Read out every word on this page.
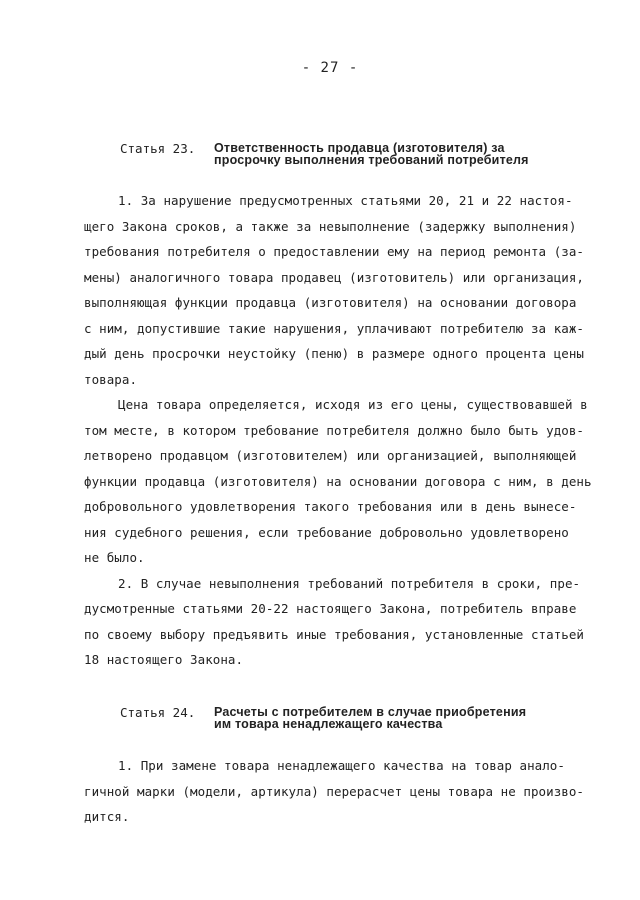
- 27 -
Статья 23. Ответственность продавца (изготовителя) за
просрочку выполнения требований потребителя
1. За нарушение предусмотренных статьями 20, 21 и 22 настоя-
щего Закона сроков, а также за невыполнение (задержку выполнения)
требования потребителя о предоставлении ему на период ремонта (за-
мены) аналогичного товара продавец (изготовитель) или организация,
выполняющая функции продавца (изготовителя) на основании договора
с ним, допустившие такие нарушения, уплачивают потребителю за каж-
дый день просрочки неустойку (пеню) в размере одного процента цены
товара.
Цена товара определяется, исходя из его цены, существовавшей в
том месте, в котором требование потребителя должно было быть удов-
летворено продавцом (изготовителем) или организацией, выполняющей
функции продавца (изготовителя) на основании договора с ним, в день
добровольного удовлетворения такого требования или в день вынесе-
ния судебного решения, если требование добровольно удовлетворено
не было.
2. В случае невыполнения требований потребителя в сроки, пре-
дусмотренные статьями 20-22 настоящего Закона, потребитель вправе
по своему выбору предъявить иные требования, установленные статьей
18 настоящего Закона.
Статья 24. Расчеты с потребителем в случае приобретения
им товара ненадлежащего качества
1. При замене товара ненадлежащего качества на товар анало-
гичной марки (модели, артикула) перерасчет цены товара не произво-
дится.
